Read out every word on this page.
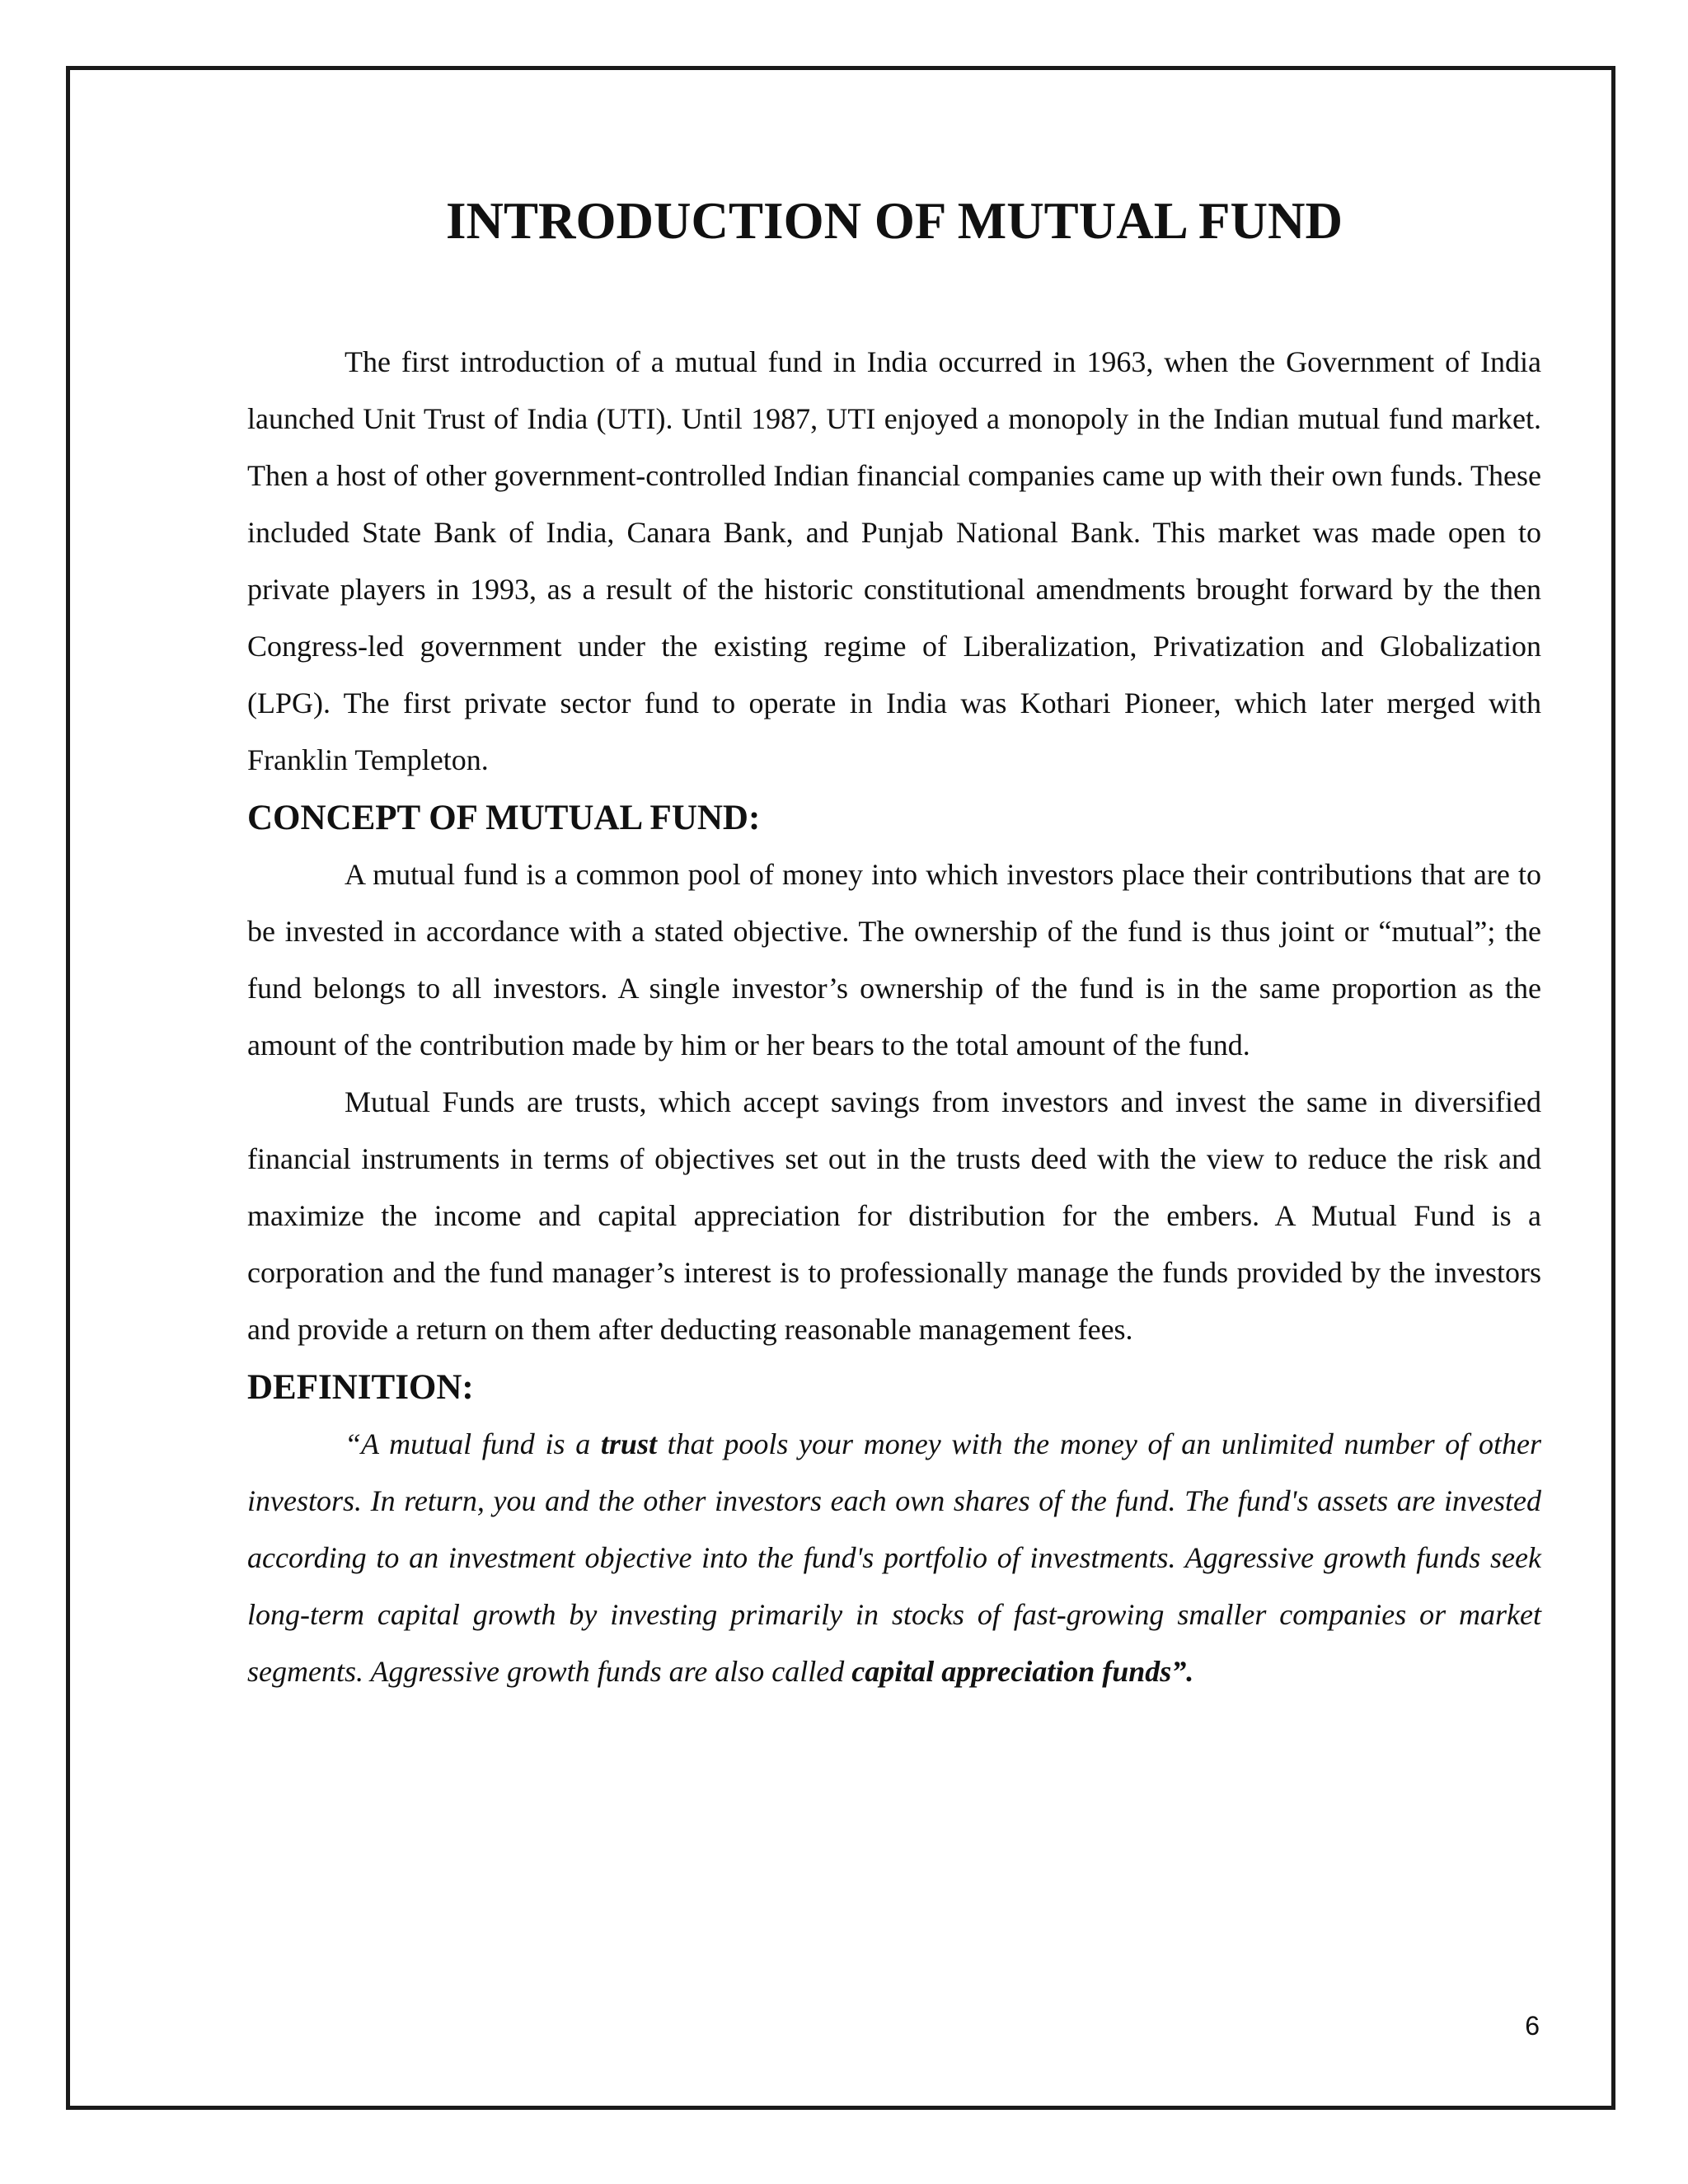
INTRODUCTION OF MUTUAL FUND

The first introduction of a mutual fund in India occurred in 1963, when the Government of India launched Unit Trust of India (UTI). Until 1987, UTI enjoyed a monopoly in the Indian mutual fund market. Then a host of other government-controlled Indian financial companies came up with their own funds. These included State Bank of India, Canara Bank, and Punjab National Bank. This market was made open to private players in 1993, as a result of the historic constitutional amendments brought forward by the then Congress-led government under the existing regime of Liberalization, Privatization and Globalization (LPG). The first private sector fund to operate in India was Kothari Pioneer, which later merged with Franklin Templeton.

CONCEPT OF MUTUAL FUND:

A mutual fund is a common pool of money into which investors place their contributions that are to be invested in accordance with a stated objective. The ownership of the fund is thus joint or “mutual”; the fund belongs to all investors. A single investor’s ownership of the fund is in the same proportion as the amount of the contribution made by him or her bears to the total amount of the fund.

Mutual Funds are trusts, which accept savings from investors and invest the same in diversified financial instruments in terms of objectives set out in the trusts deed with the view to reduce the risk and maximize the income and capital appreciation for distribution for the embers. A Mutual Fund is a corporation and the fund manager’s interest is to professionally manage the funds provided by the investors and provide a return on them after deducting reasonable management fees.

DEFINITION:

“A mutual fund is a trust that pools your money with the money of an unlimited number of other investors. In return, you and the other investors each own shares of the fund. The fund's assets are invested according to an investment objective into the fund's portfolio of investments. Aggressive growth funds seek long-term capital growth by investing primarily in stocks of fast-growing smaller companies or market segments. Aggressive growth funds are also called capital appreciation funds”.

6
